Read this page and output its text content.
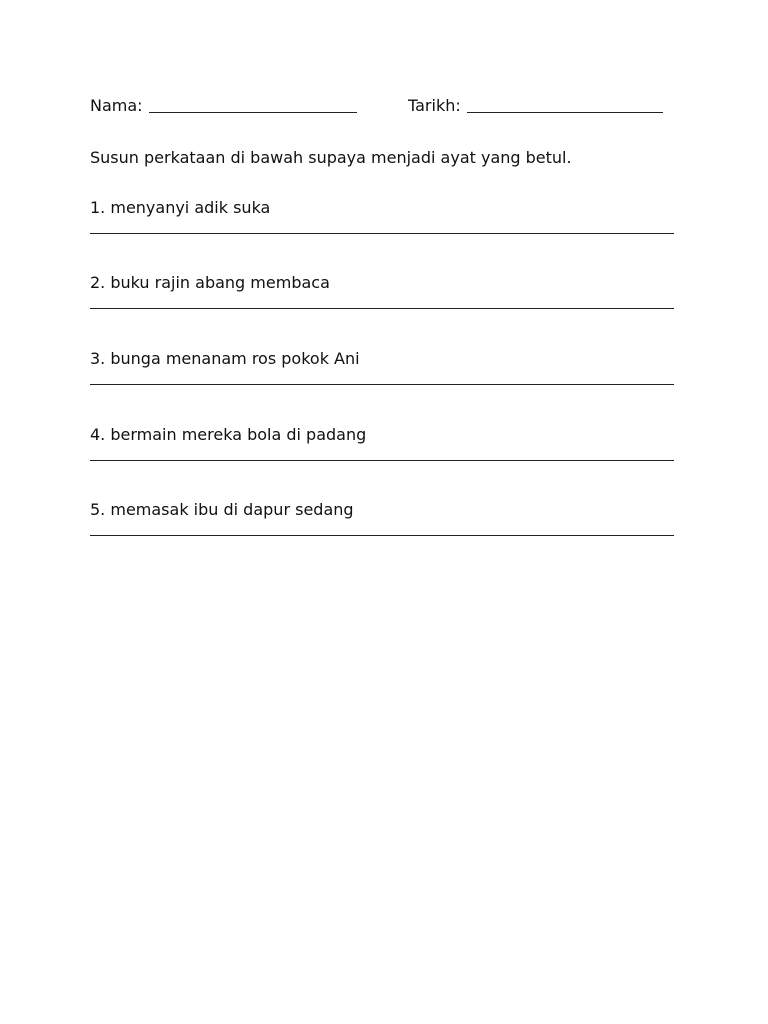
Nama:	Tarikh:
Susun perkataan di bawah supaya menjadi ayat yang betul.
1. menyanyi adik suka
2. buku rajin abang membaca
3. bunga menanam ros pokok Ani
4. bermain mereka bola di padang
5. memasak ibu di dapur sedang
